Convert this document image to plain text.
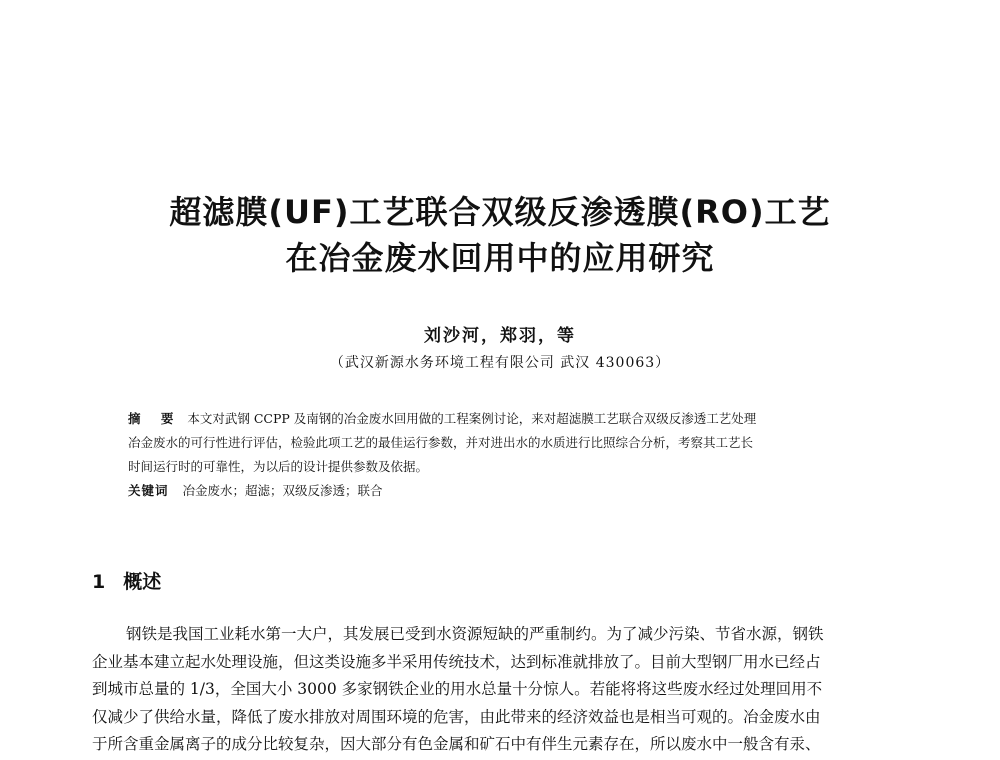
超滤膜(UF)工艺联合双级反渗透膜(RO)工艺
在冶金废水回用中的应用研究
刘沙河，郑羽，等
（武汉新源水务环境工程有限公司 武汉 430063）
摘 要 本文对武钢 CCPP 及南钢的冶金废水回用做的工程案例讨论，来对超滤膜工艺联合双级反渗透工艺处理
冶金废水的可行性进行评估，检验此项工艺的最佳运行参数，并对进出水的水质进行比照综合分析，考察其工艺长
时间运行时的可靠性，为以后的设计提供参数及依据。
关键词 冶金废水；超滤；双级反渗透；联合
1 概述
钢铁是我国工业耗水第一大户，其发展已受到水资源短缺的严重制约。为了减少污染、节省水源，钢铁
企业基本建立起水处理设施，但这类设施多半采用传统技术，达到标准就排放了。目前大型钢厂用水已经占
到城市总量的 1/3，全国大小 3000 多家钢铁企业的用水总量十分惊人。若能将将这些废水经过处理回用不
仅减少了供给水量，降低了废水排放对周围环境的危害，由此带来的经济效益也是相当可观的。冶金废水由
于所含重金属离子的成分比较复杂，因大部分有色金属和矿石中有伴生元素存在，所以废水中一般含有汞、
